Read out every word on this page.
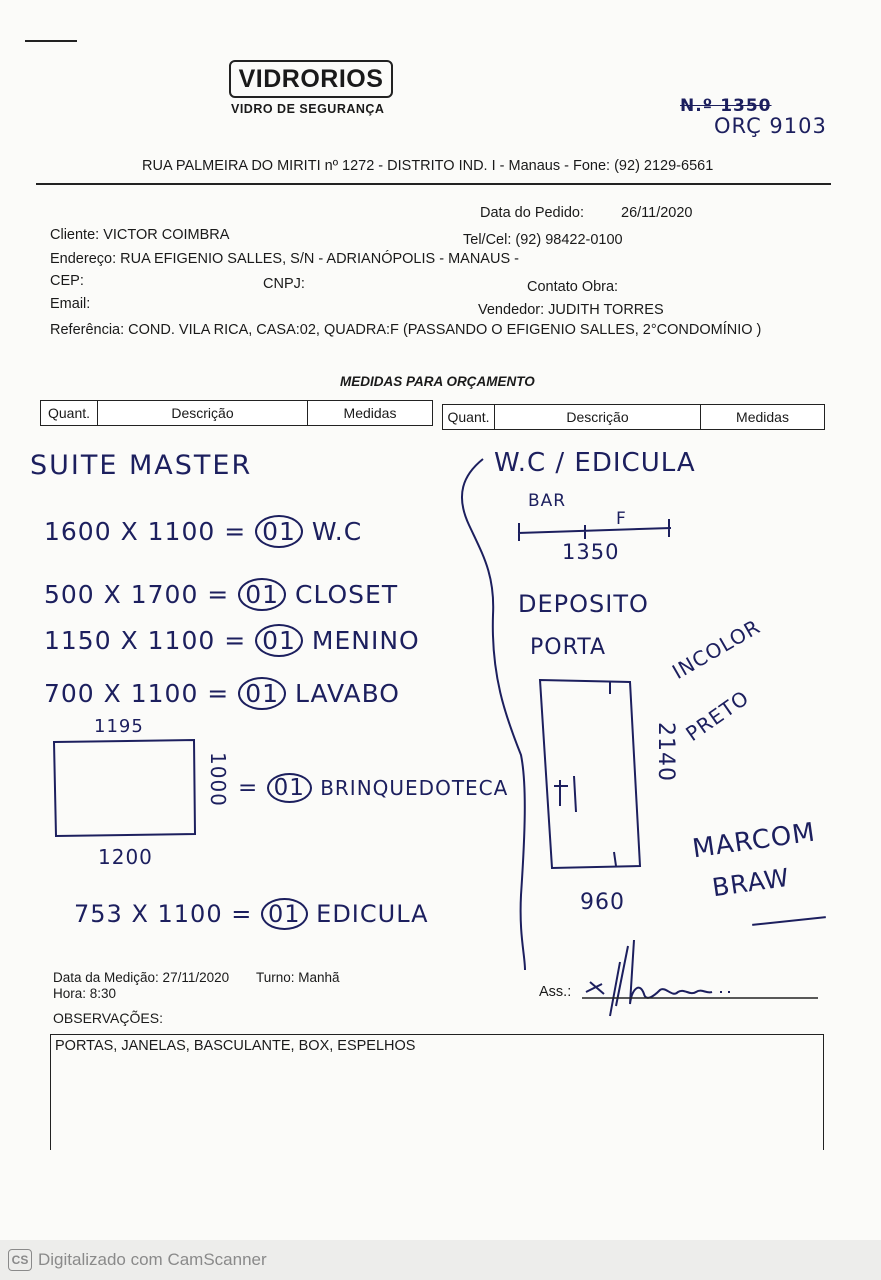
VIDRORIOS
VIDRO DE SEGURANÇA	N.º 1350
ORÇ 9103
RUA PALMEIRA DO MIRITI nº 1272 - DISTRITO IND. I - Manaus - Fone: (92) 2129-6561
Data do Pedido:	26/11/2020
Cliente: VICTOR COIMBRA	Tel/Cel: (92) 98422-0100
Endereço: RUA EFIGENIO SALLES, S/N - ADRIANÓPOLIS - MANAUS -
CEP:	CNPJ:	Contato Obra:
Email:	Vendedor: JUDITH TORRES
Referência: COND. VILA RICA, CASA:02, QUADRA:F (PASSANDO O EFIGENIO SALLES, 2°CONDOMÍNIO )
MEDIDAS PARA ORÇAMENTO
Quant.	Descrição	Medidas	Quant.	Descrição	Medidas
SUITE MASTER
1600 X 1100 = 01 W.C
500 X 1700 = 01 CLOSET
1150 X 1100 = 01 MENINO
700 X 1100 = 01 LAVABO
1195
1000 = 01 BRINQUEDOTECA
1200
753 X 1100 = 01 EDICULA
W.C / EDICULA
BAR
F
1350
DEPOSITO
PORTA
2140
960
INCOLOR
PRETO
MARCOM
BRAW
Data da Medição: 27/11/2020 Turno: Manhã
Hora: 8:30	Ass.:
OBSERVAÇÕES:
PORTAS, JANELAS, BASCULANTE, BOX, ESPELHOS
CS Digitalizado com CamScanner
